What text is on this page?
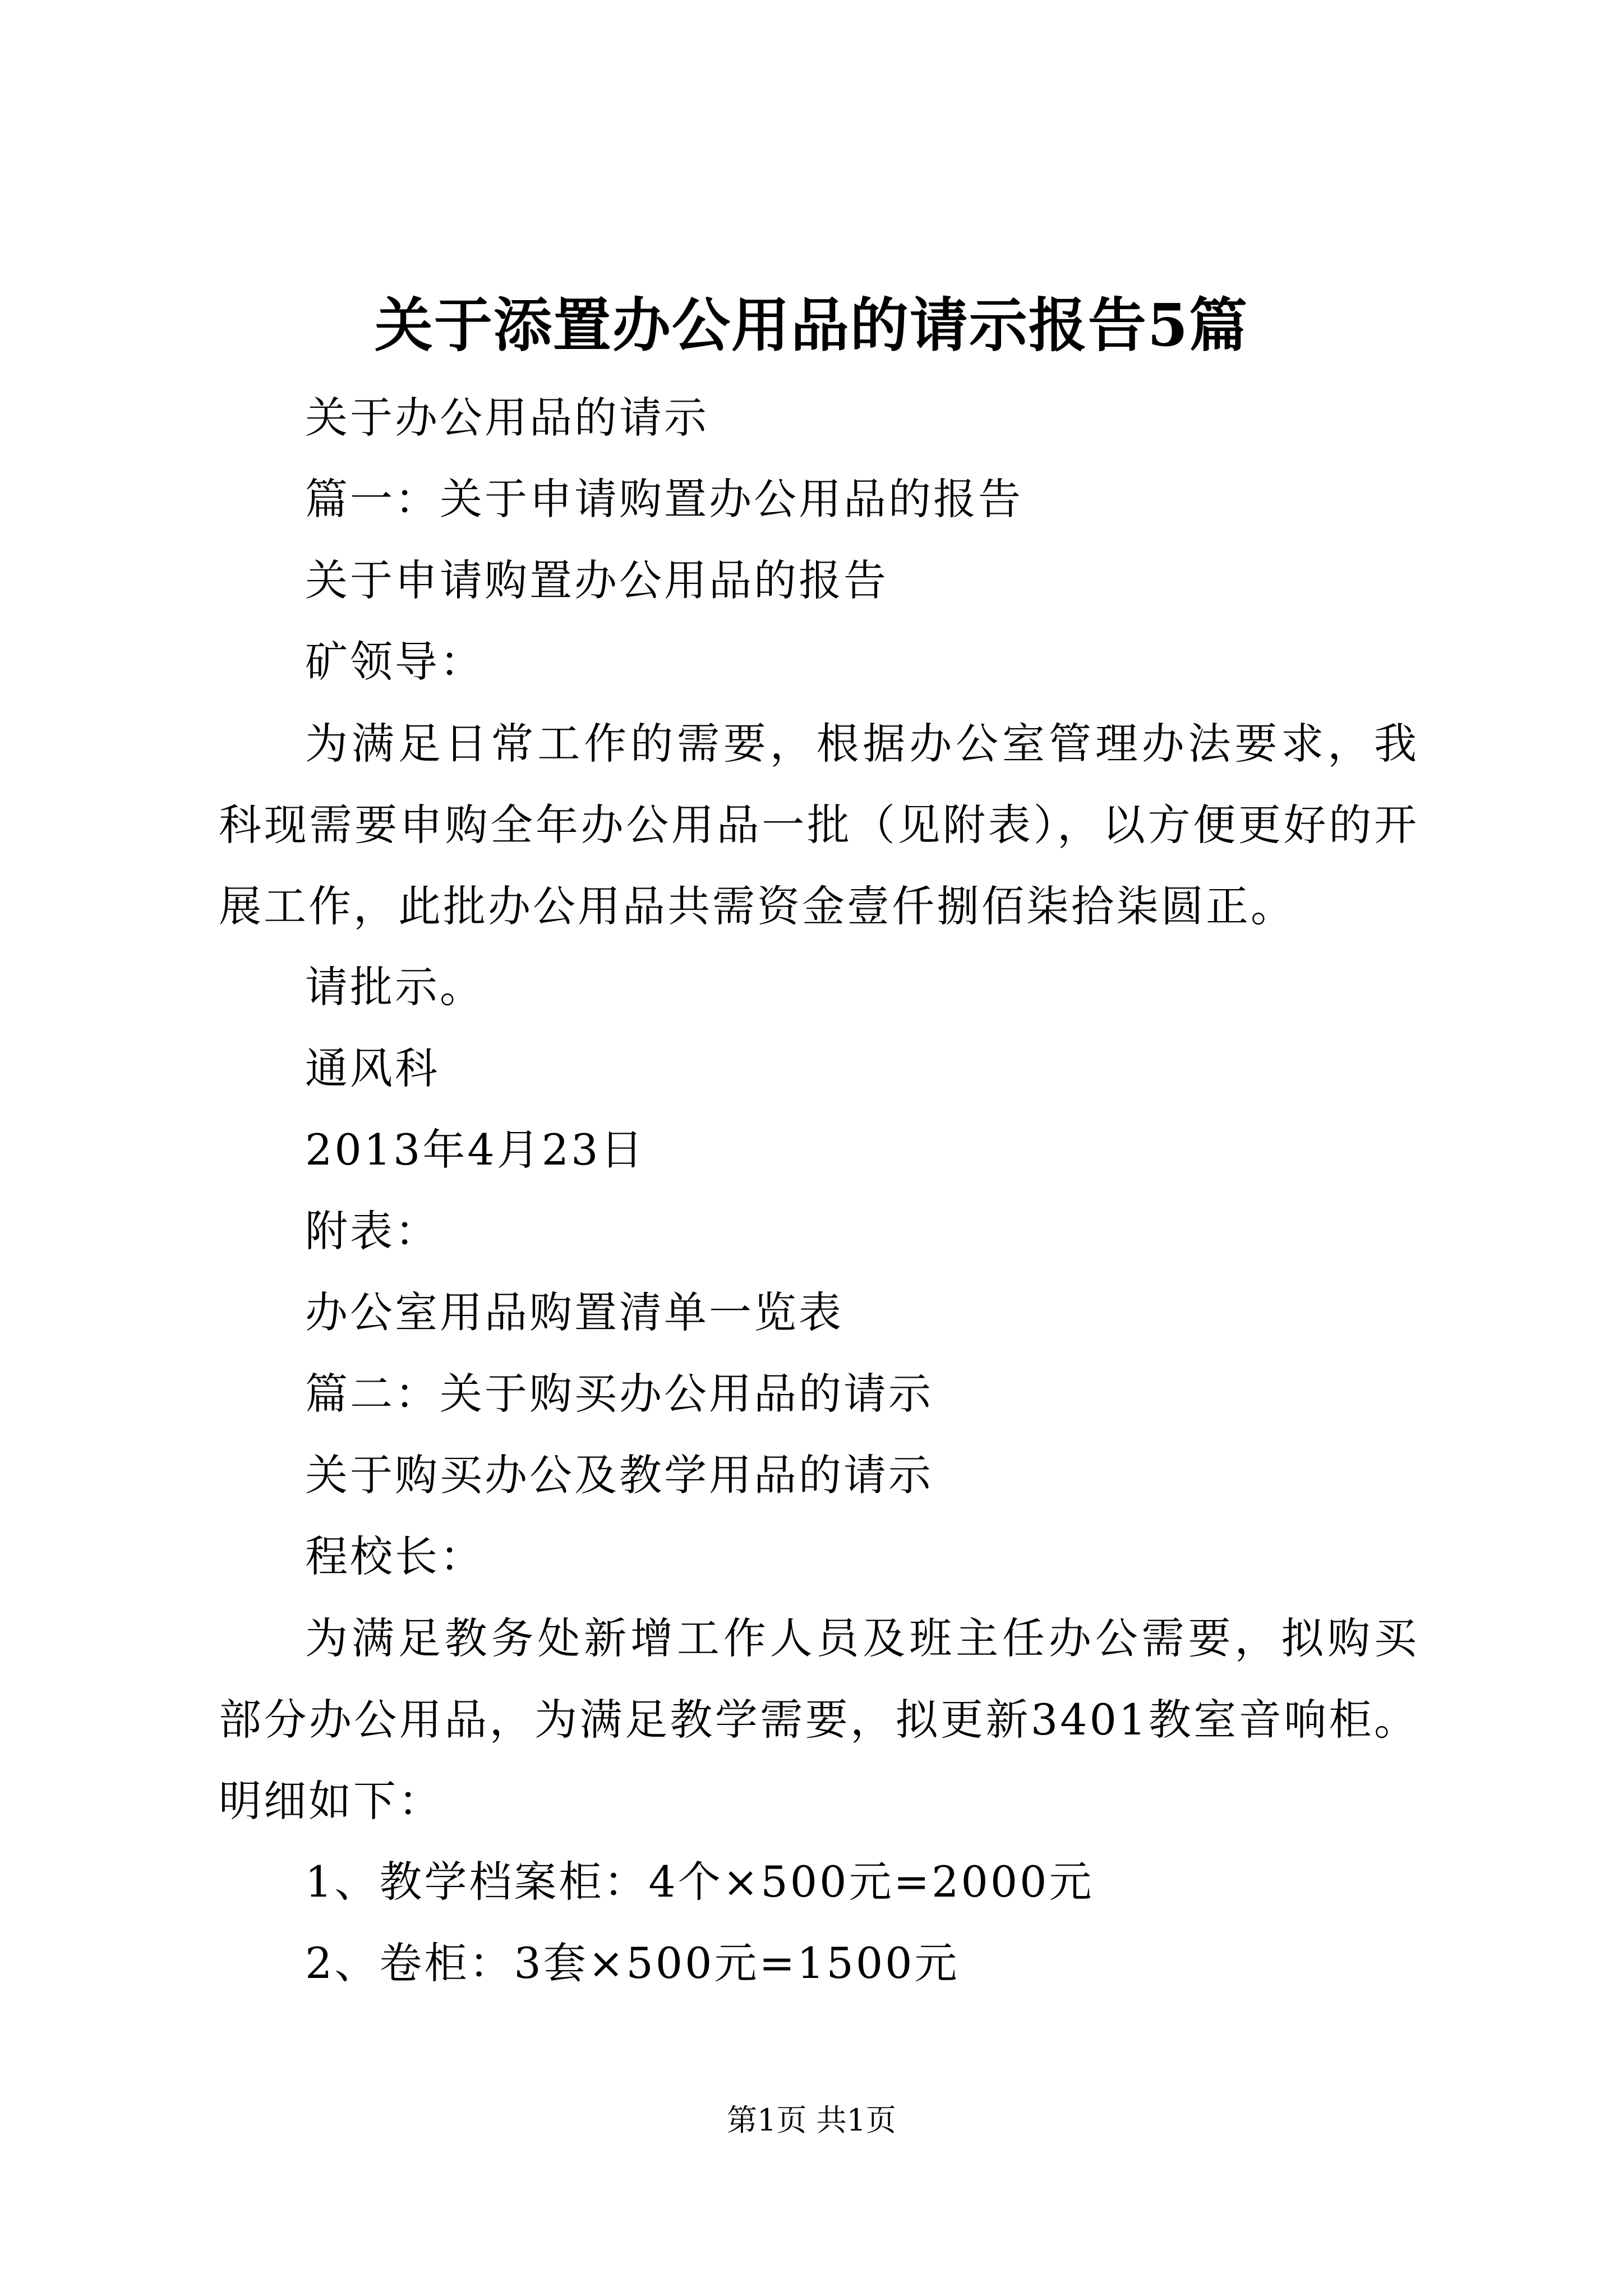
关于添置办公用品的请示报告5篇
关于办公用品的请示
篇一：关于申请购置办公用品的报告
关于申请购置办公用品的报告
矿领导：
为满足日常工作的需要，根据办公室管理办法要求，我科现需要申购全年办公用品一批（见附表），以方便更好的开展工作，此批办公用品共需资金壹仟捌佰柒拾柒圆正。
请批示。
通风科
2013年4月23日
附表：
办公室用品购置清单一览表
篇二：关于购买办公用品的请示
关于购买办公及教学用品的请示
程校长：
为满足教务处新增工作人员及班主任办公需要，拟购买部分办公用品，为满足教学需要，拟更新3401教室音响柜。明细如下：
1、教学档案柜：4个×500元=2000元
2、卷柜：3套×500元=1500元
第1页 共1页
